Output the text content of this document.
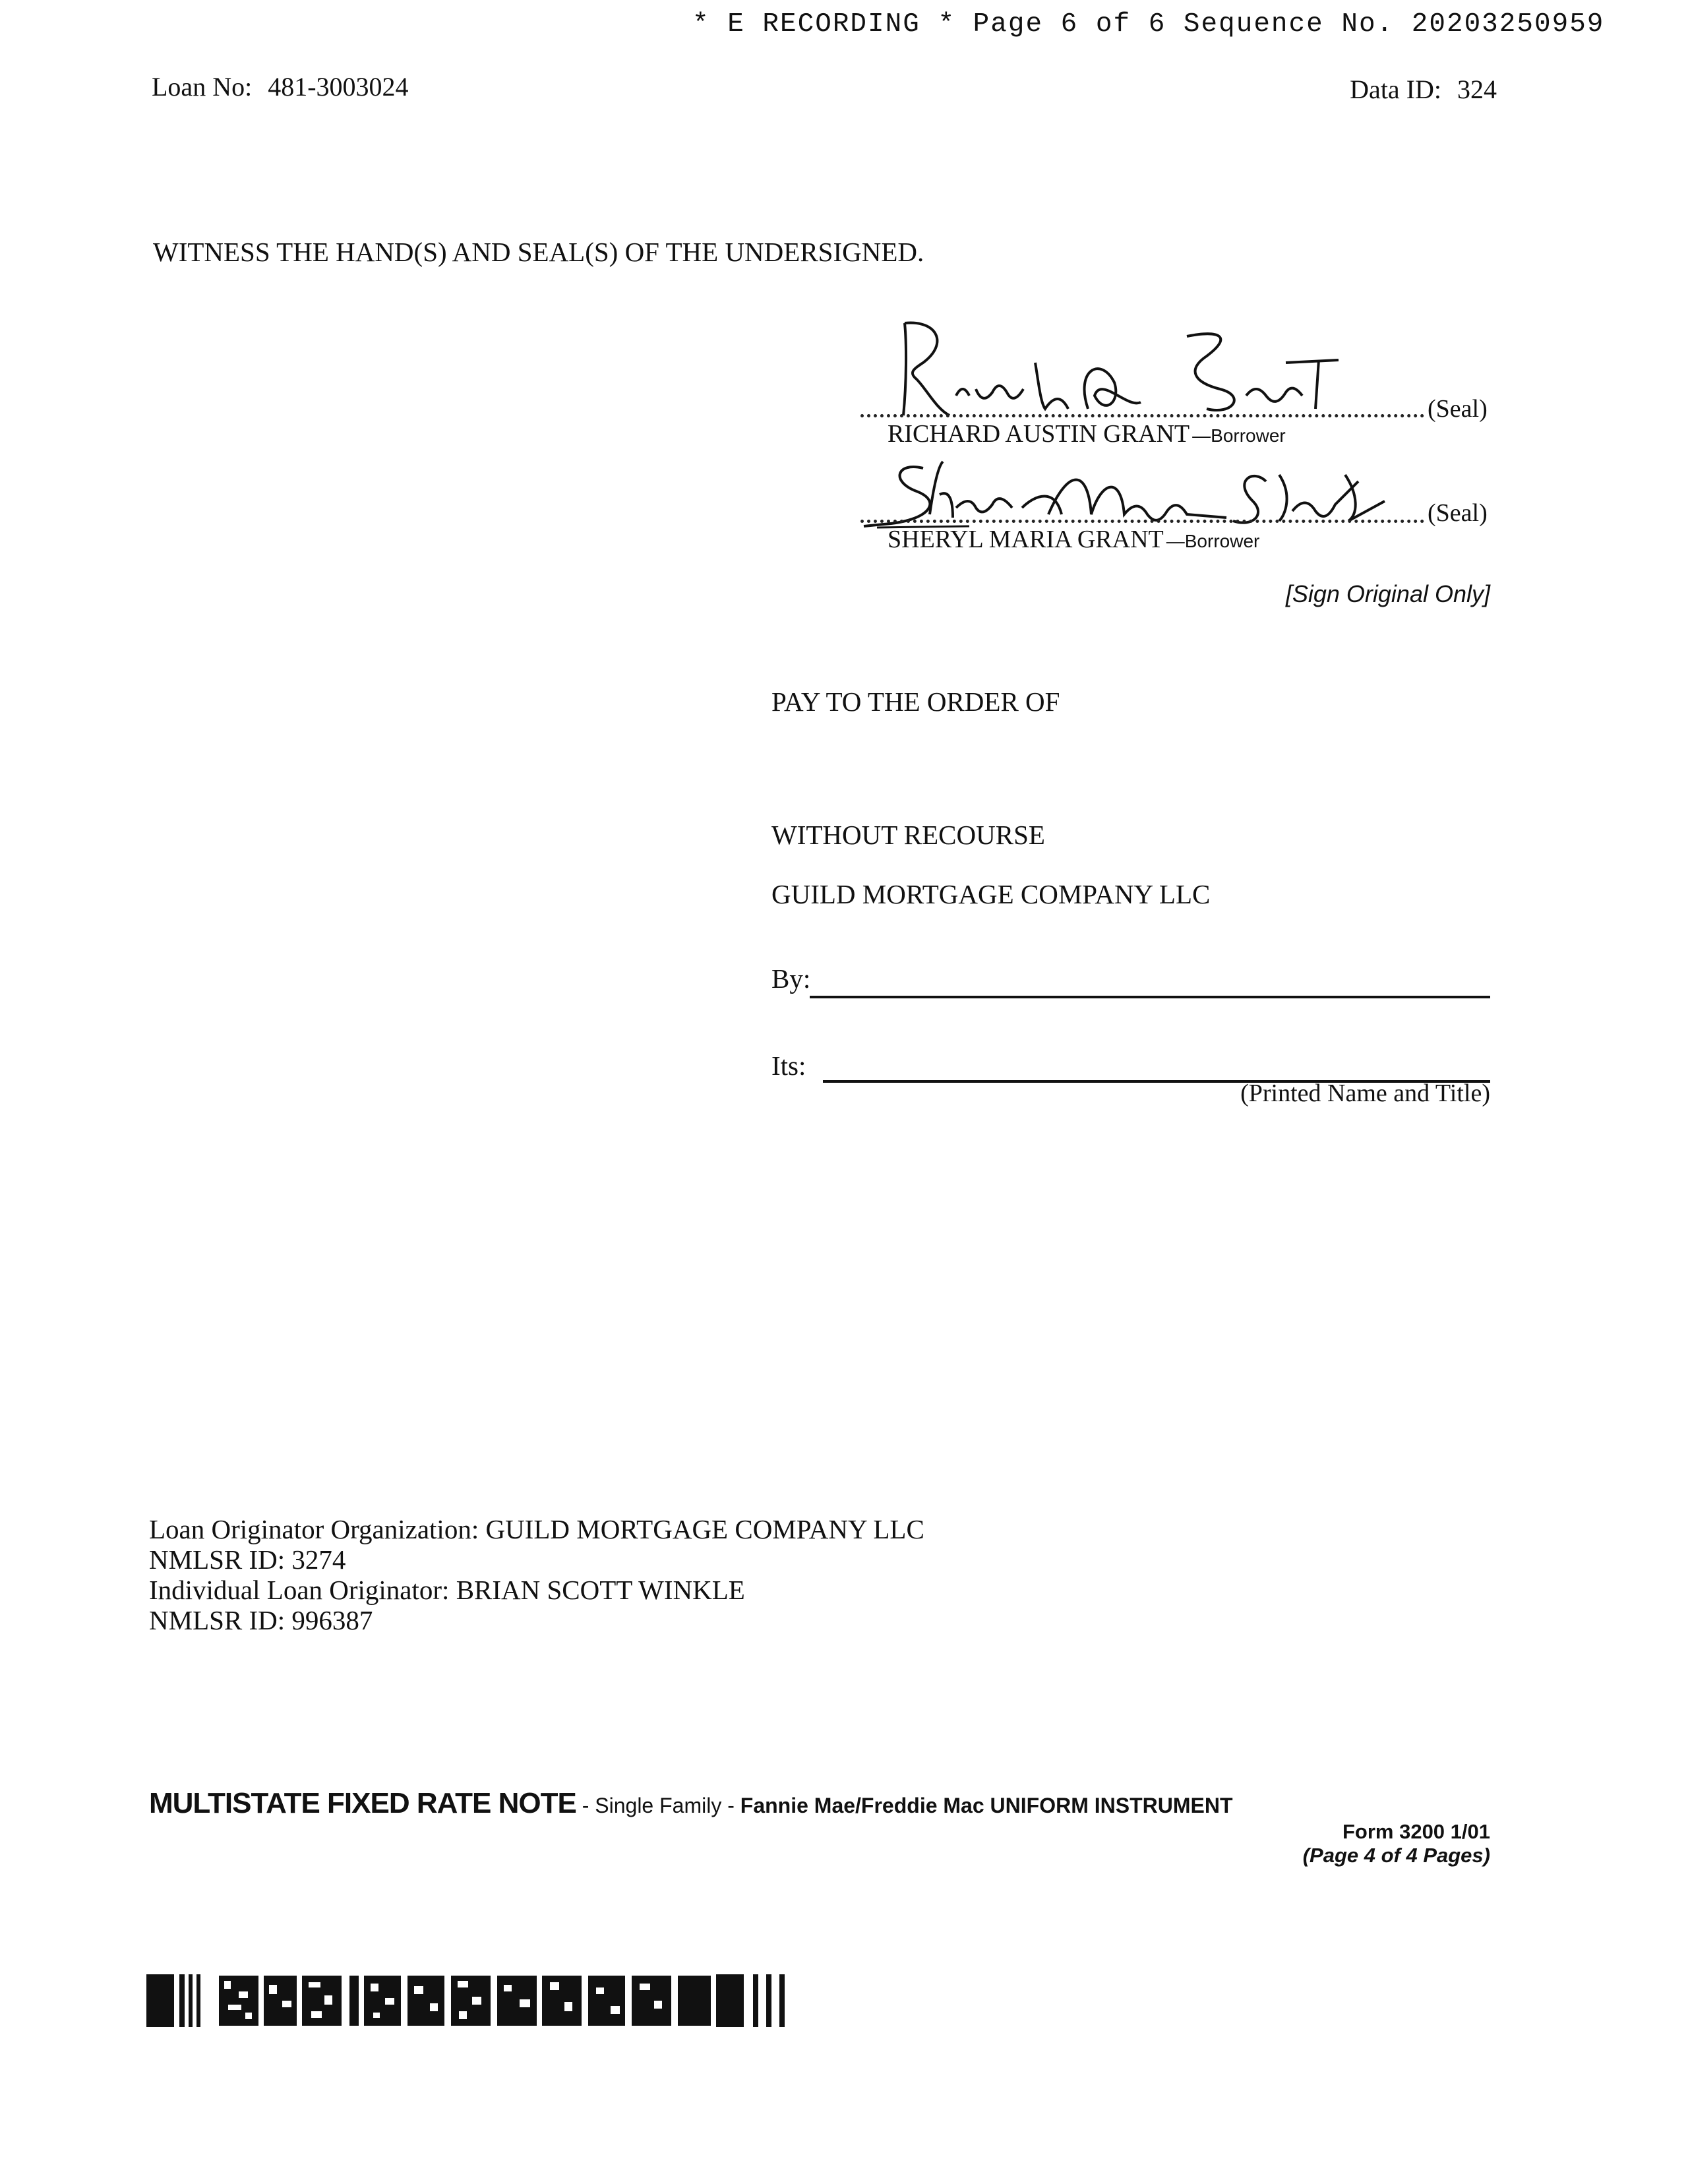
* E RECORDING * Page 6 of 6 Sequence No. 20203250959
Loan No: 481-3003024	Data ID: 324
WITNESS THE HAND(S) AND SEAL(S) OF THE UNDERSIGNED.
(Seal)
RICHARD AUSTIN GRANT —Borrower
(Seal)
SHERYL MARIA GRANT —Borrower
[Sign Original Only]
PAY TO THE ORDER OF
WITHOUT RECOURSE
GUILD MORTGAGE COMPANY LLC
By:
Its:
(Printed Name and Title)
Loan Originator Organization: GUILD MORTGAGE COMPANY LLC
NMLSR ID: 3274
Individual Loan Originator: BRIAN SCOTT WINKLE
NMLSR ID: 996387
MULTISTATE FIXED RATE NOTE - Single Family - Fannie Mae/Freddie Mac UNIFORM INSTRUMENT
Form 3200 1/01
(Page 4 of 4 Pages)
